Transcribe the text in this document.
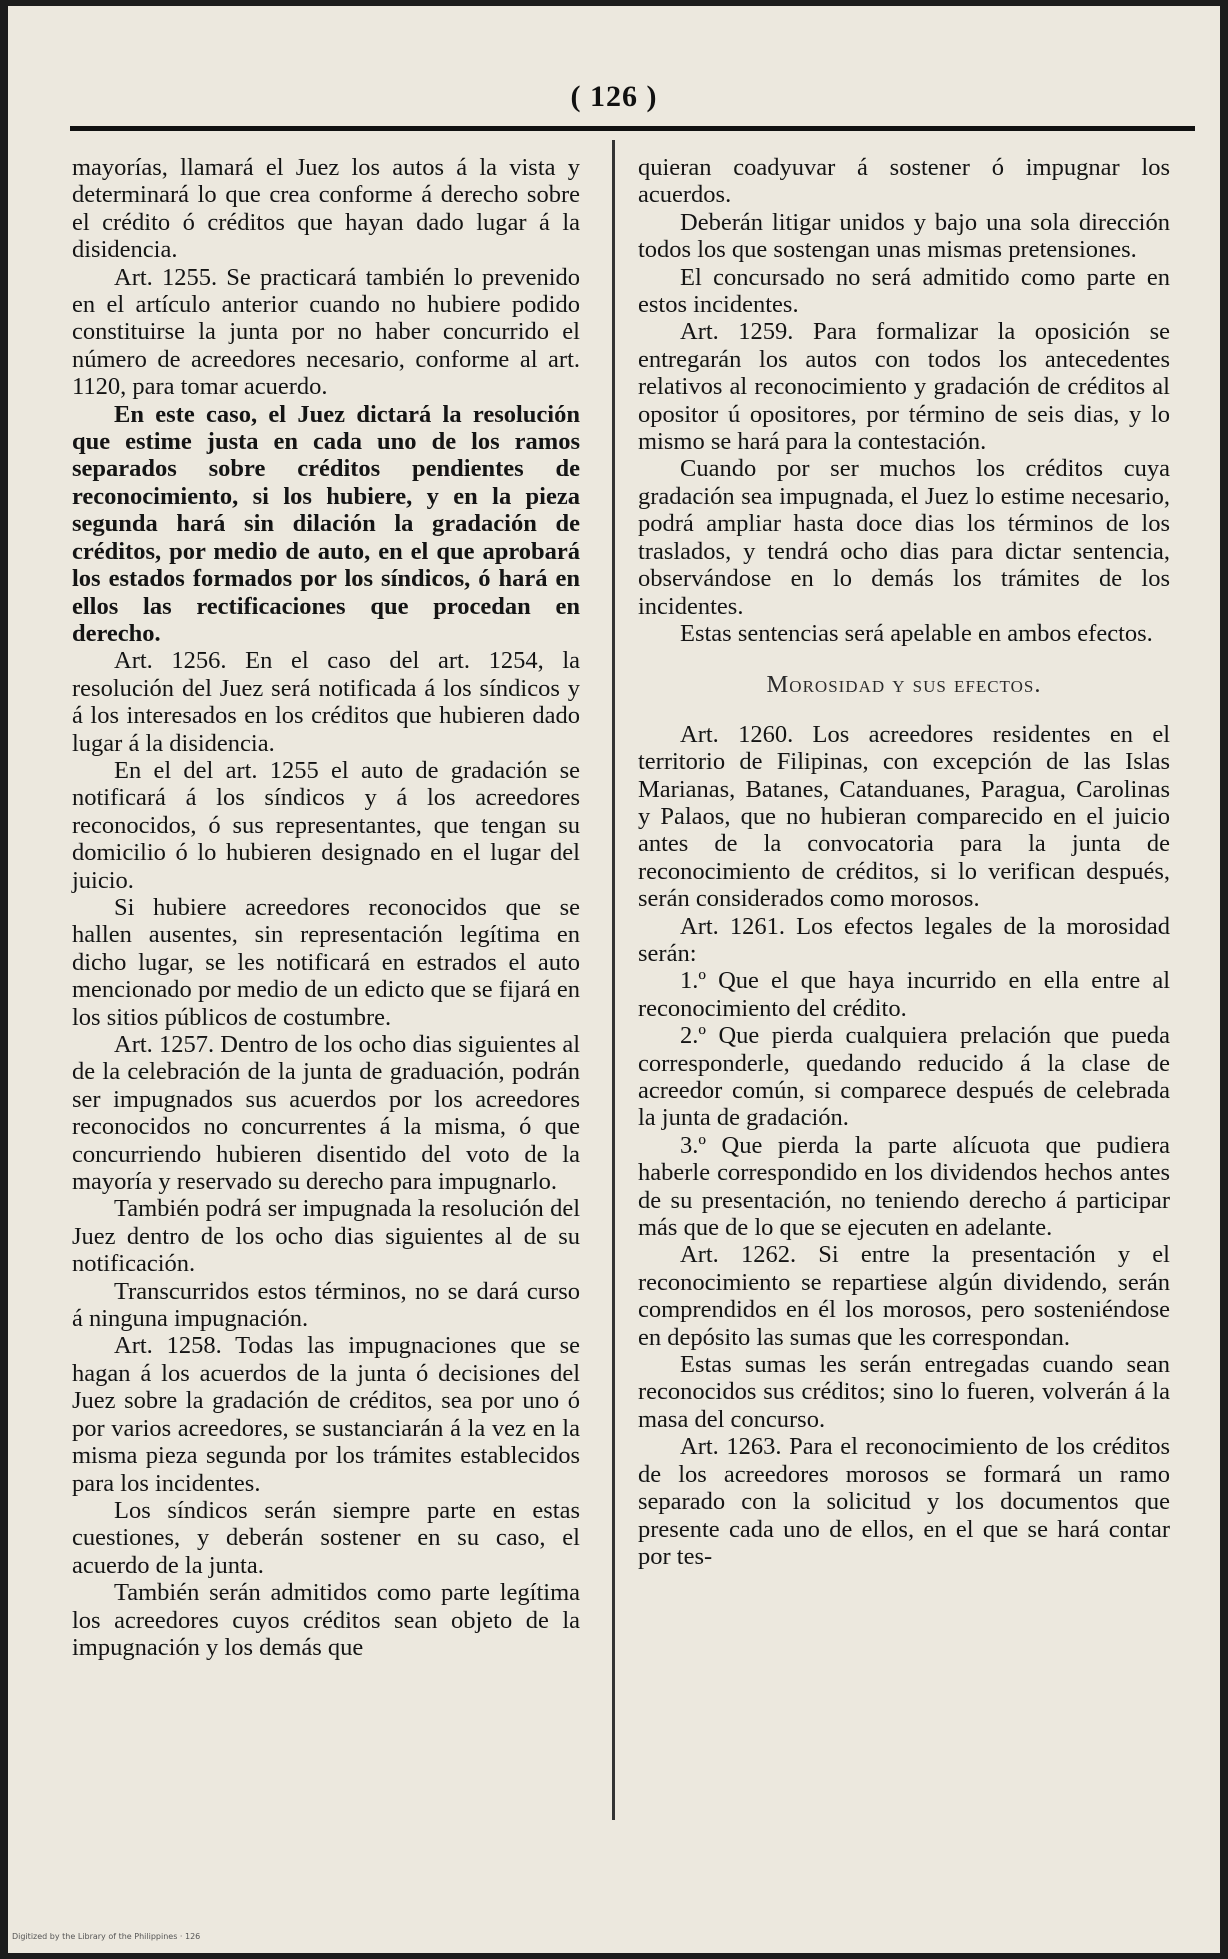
( 126 )

mayorías, llamará el Juez los autos á la vista y determinará lo que crea conforme á derecho sobre el crédito ó créditos que hayan dado lugar á la disidencia.

Art. 1255. Se practicará también lo prevenido en el artículo anterior cuando no hubiere podido constituirse la junta por no haber concurrido el número de acreedores necesario, conforme al art. 1120, para tomar acuerdo.

En este caso, el Juez dictará la resolución que estime justa en cada uno de los ramos separados sobre créditos pendientes de reconocimiento, si los hubiere, y en la pieza segunda hará sin dilación la gradación de créditos, por medio de auto, en el que aprobará los estados formados por los síndicos, ó hará en ellos las rectificaciones que procedan en derecho.

Art. 1256. En el caso del art. 1254, la resolución del Juez será notificada á los síndicos y á los interesados en los créditos que hubieren dado lugar á la disidencia.

En el del art. 1255 el auto de gradación se notificará á los síndicos y á los acreedores reconocidos, ó sus representantes, que tengan su domicilio ó lo hubieren designado en el lugar del juicio.

Si hubiere acreedores reconocidos que se hallen ausentes, sin representación legítima en dicho lugar, se les notificará en estrados el auto mencionado por medio de un edicto que se fijará en los sitios públicos de costumbre.

Art. 1257. Dentro de los ocho dias siguientes al de la celebración de la junta de graduación, podrán ser impugnados sus acuerdos por los acreedores reconocidos no concurrentes á la misma, ó que concurriendo hubieren disentido del voto de la mayoría y reservado su derecho para impugnarlo.

También podrá ser impugnada la resolución del Juez dentro de los ocho dias siguientes al de su notificación.

Transcurridos estos términos, no se dará curso á ninguna impugnación.

Art. 1258. Todas las impugnaciones que se hagan á los acuerdos de la junta ó decisiones del Juez sobre la gradación de créditos, sea por uno ó por varios acreedores, se sustanciarán á la vez en la misma pieza segunda por los trámites establecidos para los incidentes.

Los síndicos serán siempre parte en estas cuestiones, y deberán sostener en su caso, el acuerdo de la junta.

También serán admitidos como parte legítima los acreedores cuyos créditos sean objeto de la impugnación y los demás que

quieran coadyuvar á sostener ó impugnar los acuerdos.

Deberán litigar unidos y bajo una sola dirección todos los que sostengan unas mismas pretensiones.

El concursado no será admitido como parte en estos incidentes.

Art. 1259. Para formalizar la oposición se entregarán los autos con todos los antecedentes relativos al reconocimiento y gradación de créditos al opositor ú opositores, por término de seis dias, y lo mismo se hará para la contestación.

Cuando por ser muchos los créditos cuya gradación sea impugnada, el Juez lo estime necesario, podrá ampliar hasta doce dias los términos de los traslados, y tendrá ocho dias para dictar sentencia, observándose en lo demás los trámites de los incidentes.

Estas sentencias será apelable en ambos efectos.

Morosidad y sus efectos.

Art. 1260. Los acreedores residentes en el territorio de Filipinas, con excepción de las Islas Marianas, Batanes, Catanduanes, Paragua, Carolinas y Palaos, que no hubieran comparecido en el juicio antes de la convocatoria para la junta de reconocimiento de créditos, si lo verifican después, serán considerados como morosos.

Art. 1261. Los efectos legales de la morosidad serán:

1.º Que el que haya incurrido en ella entre al reconocimiento del crédito.

2.º Que pierda cualquiera prelación que pueda corresponderle, quedando reducido á la clase de acreedor común, si comparece después de celebrada la junta de gradación.

3.º Que pierda la parte alícuota que pudiera haberle correspondido en los dividendos hechos antes de su presentación, no teniendo derecho á participar más que de lo que se ejecuten en adelante.

Art. 1262. Si entre la presentación y el reconocimiento se repartiese algún dividendo, serán comprendidos en él los morosos, pero sosteniéndose en depósito las sumas que les correspondan.

Estas sumas les serán entregadas cuando sean reconocidos sus créditos; sino lo fueren, volverán á la masa del concurso.

Art. 1263. Para el reconocimiento de los créditos de los acreedores morosos se formará un ramo separado con la solicitud y los documentos que presente cada uno de ellos, en el que se hará contar por tes-

Digitized by the Library of the Philippines · 126
